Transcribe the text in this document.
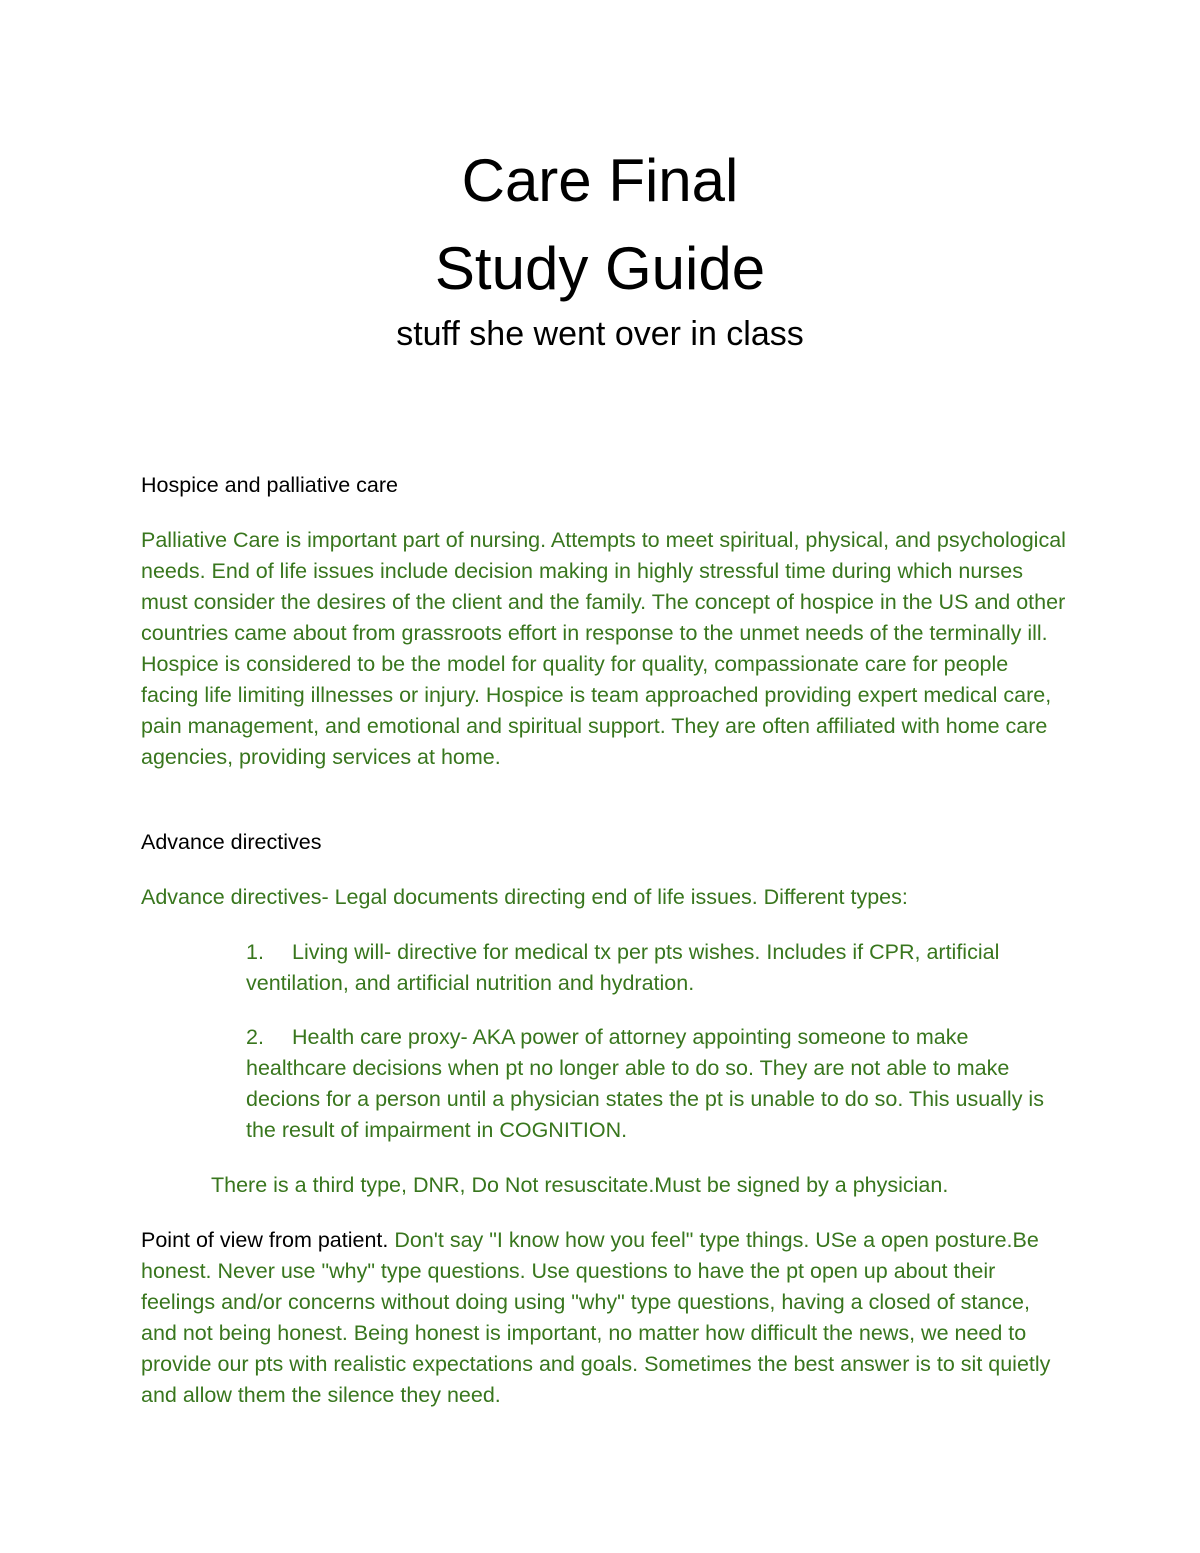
Care Final
Study Guide

stuff she went over in class

Hospice and palliative care

Palliative Care is important part of nursing. Attempts to meet spiritual, physical, and psychological needs. End of life issues include decision making in highly stressful time during which nurses must consider the desires of the client and the family. The concept of hospice in the US and other countries came about from grassroots effort in response to the unmet needs of the terminally ill. Hospice is considered to be the model for quality for quality, compassionate care for people facing life limiting illnesses or injury. Hospice is team approached providing expert medical care, pain management, and emotional and spiritual support. They are often affiliated with home care agencies, providing services at home.

Advance directives

Advance directives- Legal documents directing end of life issues. Different types:

1. Living will- directive for medical tx per pts wishes. Includes if CPR, artificial ventilation, and artificial nutrition and hydration.
2. Health care proxy- AKA power of attorney appointing someone to make healthcare decisions when pt no longer able to do so. They are not able to make decions for a person until a physician states the pt is unable to do so. This usually is the result of impairment in COGNITION.

There is a third type, DNR, Do Not resuscitate.Must be signed by a physician.

Point of view from patient. Don't say "I know how you feel" type things. USe a open posture.Be honest. Never use "why" type questions. Use questions to have the pt open up about their feelings and/or concerns without doing using "why" type questions, having a closed of stance, and not being honest. Being honest is important, no matter how difficult the news, we need to provide our pts with realistic expectations and goals. Sometimes the best answer is to sit quietly and allow them the silence they need.
